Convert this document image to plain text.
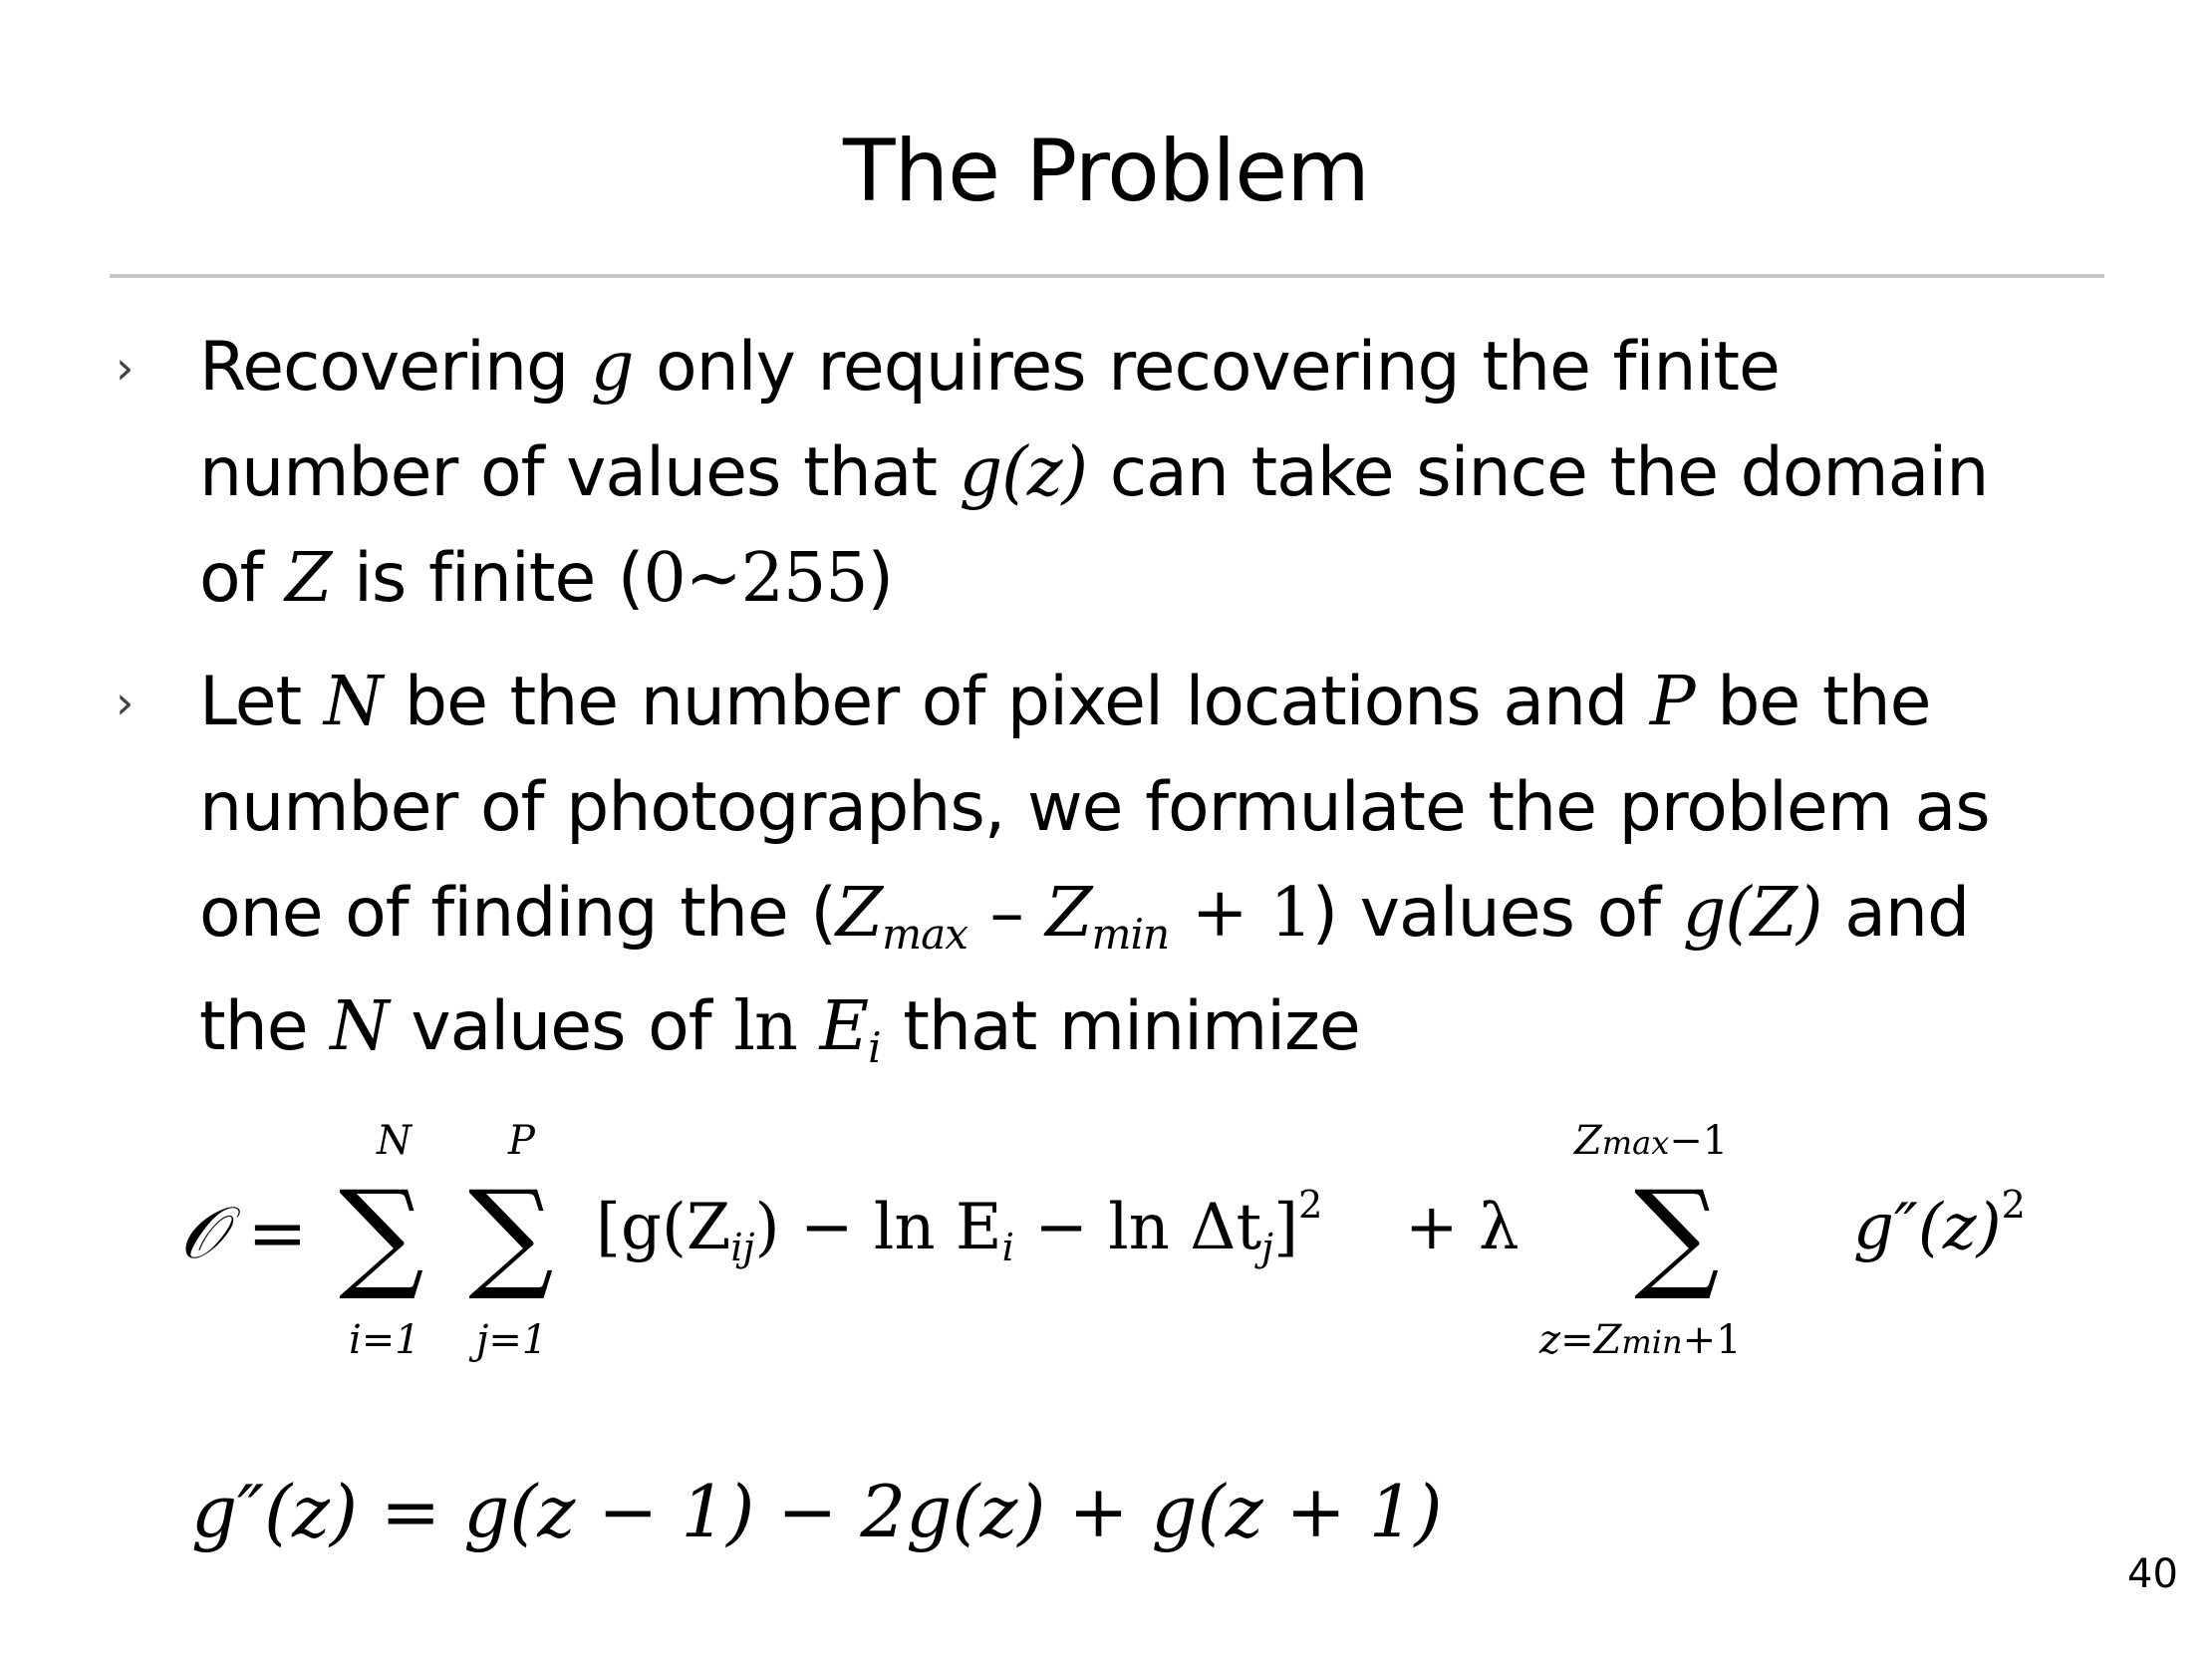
The Problem
› Recovering g only requires recovering the finite
number of values that g(z) can take since the domain
of Z is finite (0~255)
› Let N be the number of pixel locations and P be the
number of photographs, we formulate the problem as
one of finding the (Zmax – Zmin + 1) values of g(Z) and
the N values of ln Ei that minimize
𝒪 =
N
∑
i=1
P
∑
j=1
$[g(Zij) - \ln Ei - \ln \Delta tj]^2 + \lambda$
Zmax−1
∑
z=Zmin+1
$g''(z)^2$
g″(z) = g(z − 1) − 2g(z) + g(z + 1)
40
